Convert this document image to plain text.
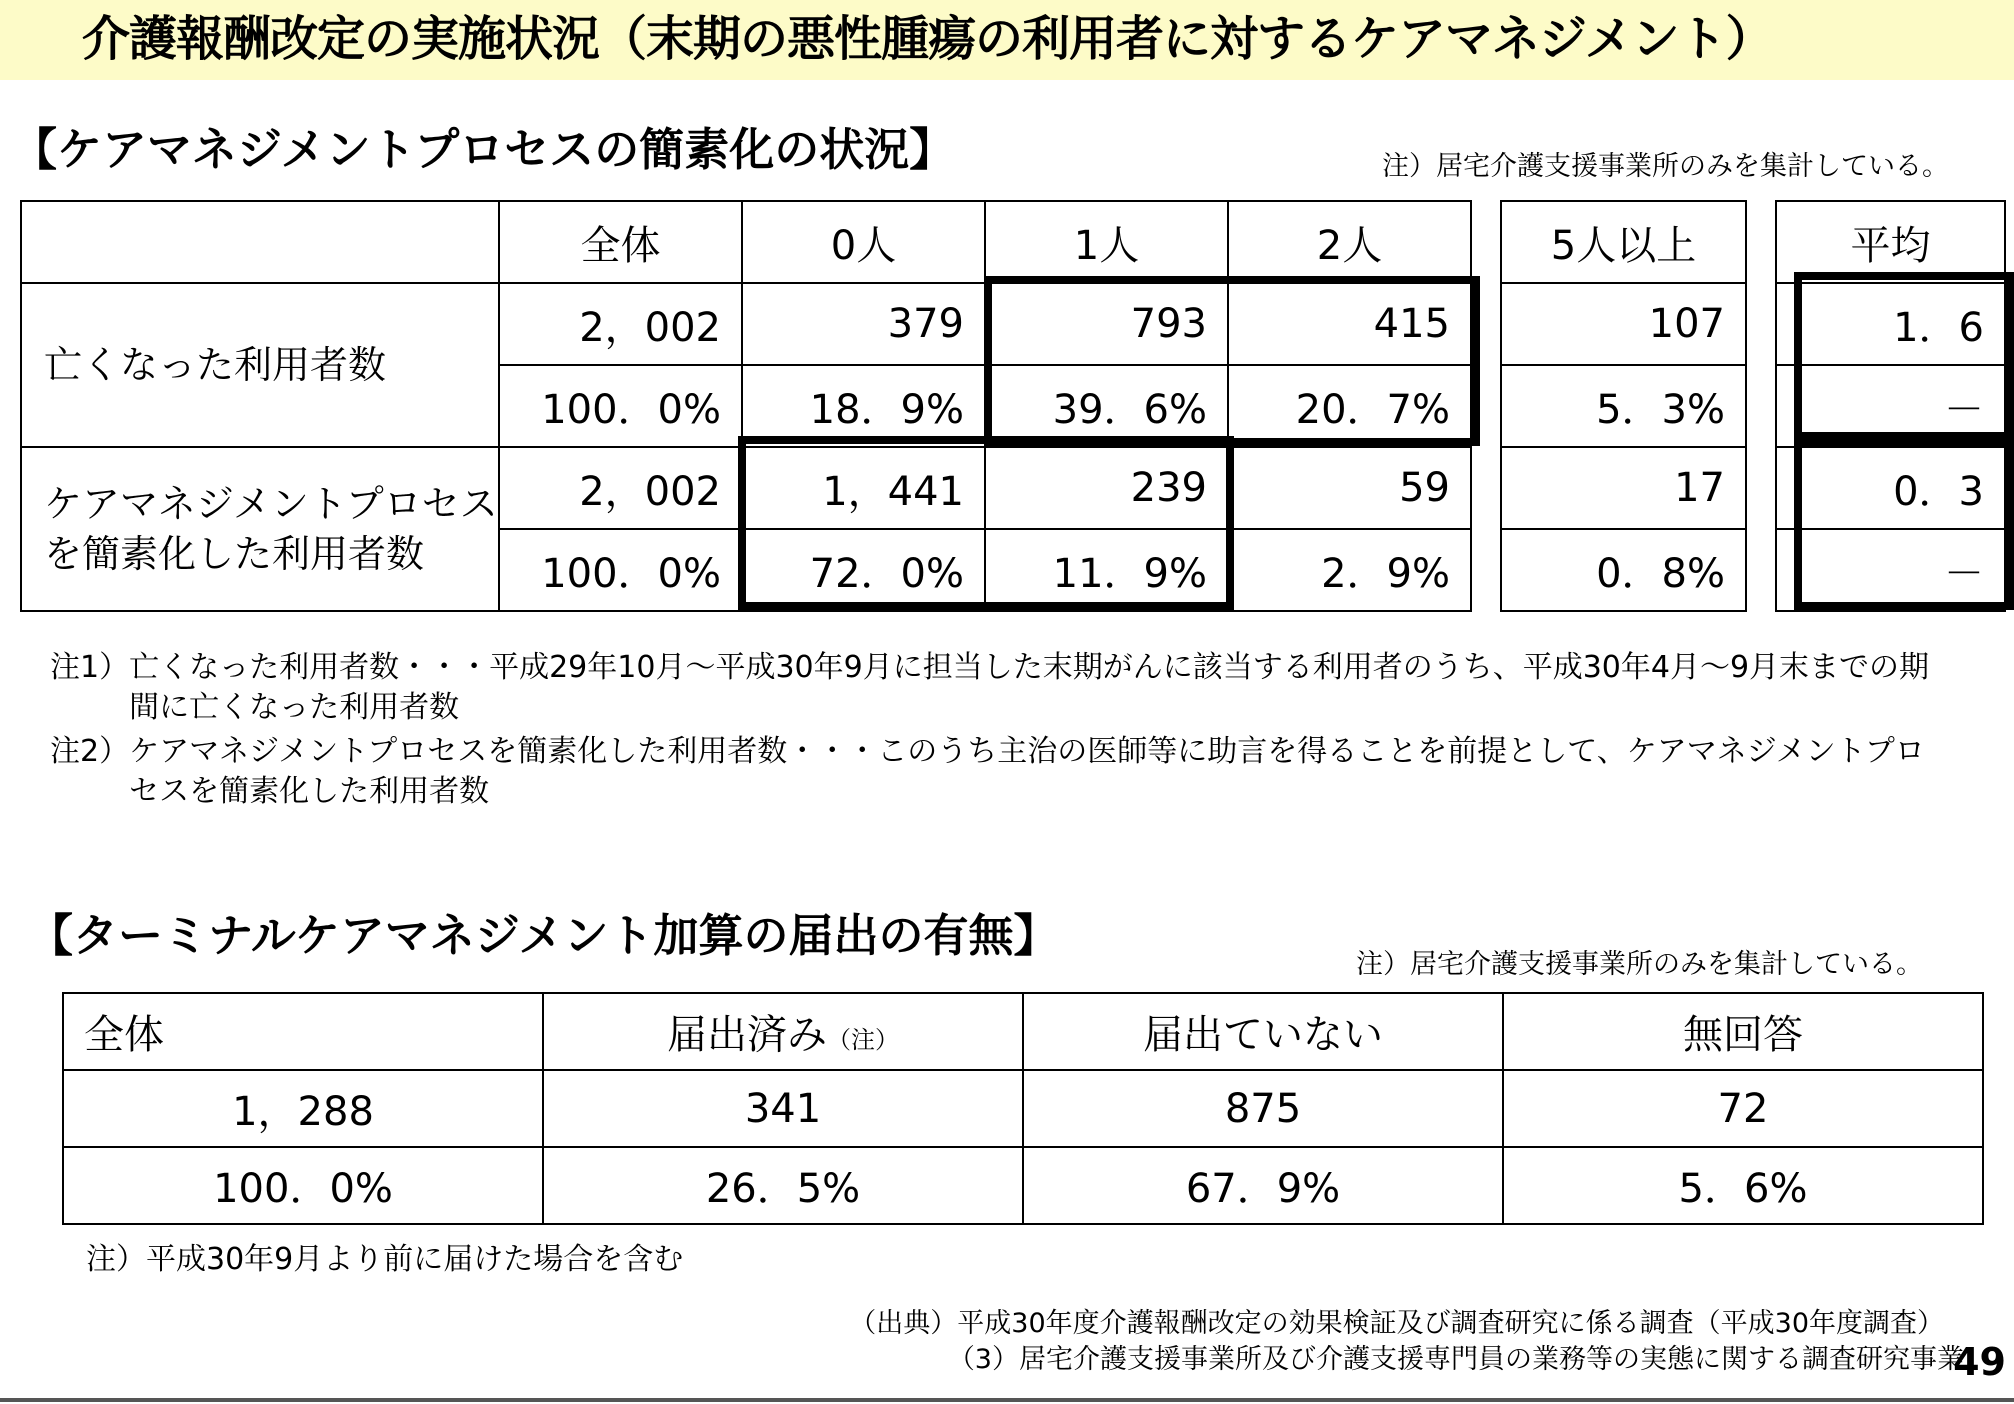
介護報酬改定の実施状況（末期の悪性腫瘍の利用者に対するケアマネジメント）
【ケアマネジメントプロセスの簡素化の状況】	注）居宅介護支援事業所のみを集計している。
	全体	0人	1人	2人		5人以上		平均
亡くなった利用者数	2，002	379	793	415		107		1．6
	100．0%	18．9%	39．6%	20．7%		5．3%		－
ケアマネジメントプロセスを簡素化した利用者数	2，002	1，441	239	59		17		0．3
	100．0%	72．0%	11．9%	2．9%		0．8%		－
注1） 亡くなった利用者数・・・平成29年10月～平成30年9月に担当した末期がんに該当する利用者のうち、平成30年4月～9月末までの期間に亡くなった利用者数
注2） ケアマネジメントプロセスを簡素化した利用者数・・・このうち主治の医師等に助言を得ることを前提として、ケアマネジメントプロセスを簡素化した利用者数
【ターミナルケアマネジメント加算の届出の有無】
注）居宅介護支援事業所のみを集計している。
全体	届出済み（注）	届出ていない	無回答
1，288	341	875	72
100．0%	26．5%	67．9%	5．6%
注）平成30年9月より前に届けた場合を含む
（出典）平成30年度介護報酬改定の効果検証及び調査研究に係る調査（平成30年度調査）
（3）居宅介護支援事業所及び介護支援専門員の業務等の実態に関する調査研究事業
49
